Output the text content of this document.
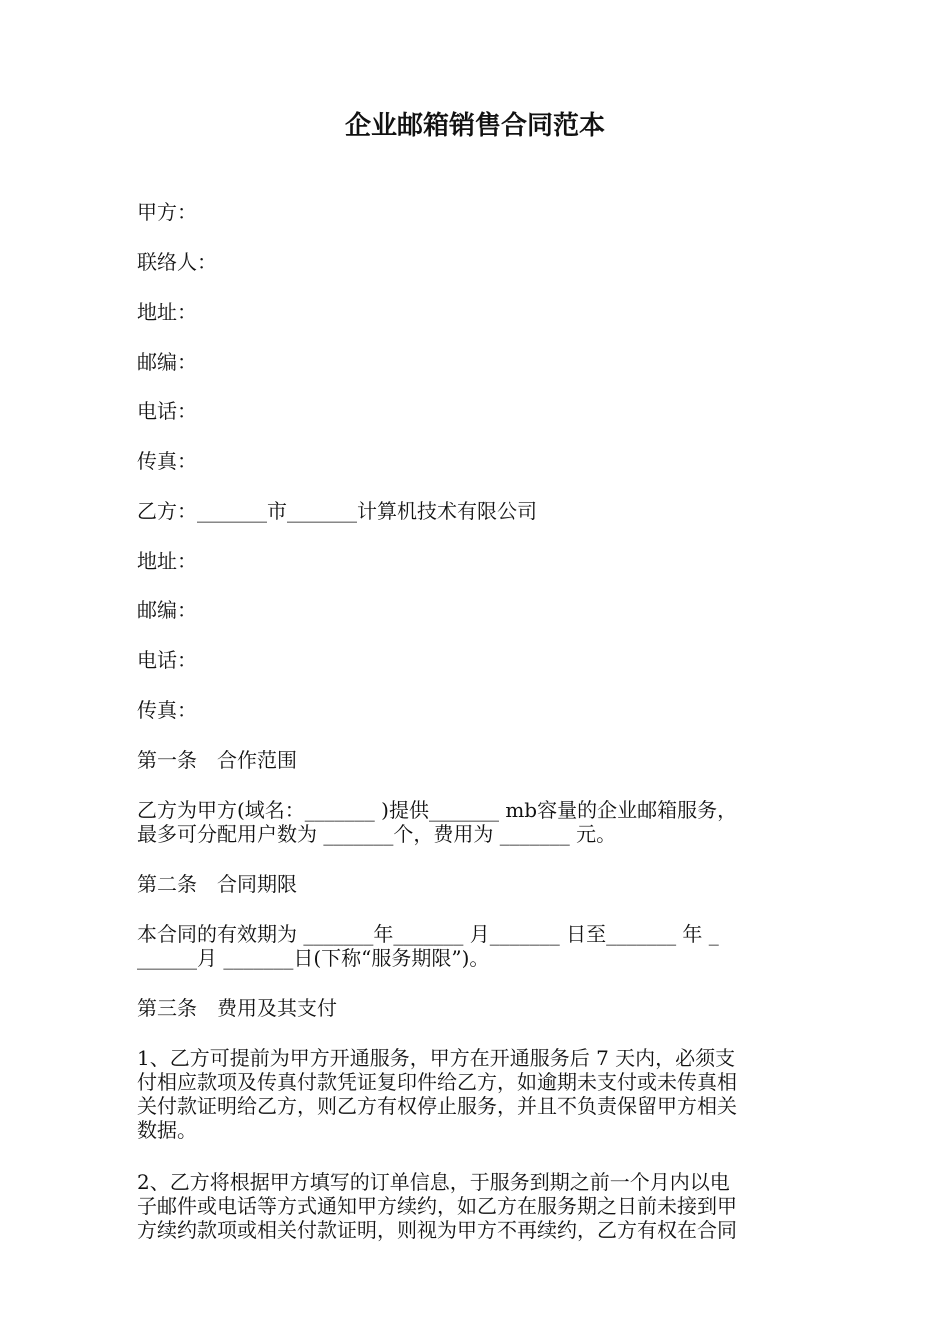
企业邮箱销售合同范本

甲方：

联络人：

地址：

邮编：

电话：

传真：

乙方：_______市_______计算机技术有限公司

地址：

邮编：

电话：

传真：

第一条　合作范围

乙方为甲方(域名：_______ )提供_______ mb容量的企业邮箱服务，
最多可分配用户数为 _______个，费用为 _______ 元。

第二条　合同期限

本合同的有效期为 _______年_______ 月_______ 日至_______ 年 _
______月 _______日(下称“服务期限”)。

第三条　费用及其支付

1、乙方可提前为甲方开通服务，甲方在开通服务后 7 天内，必须支
付相应款项及传真付款凭证复印件给乙方，如逾期未支付或未传真相
关付款证明给乙方，则乙方有权停止服务，并且不负责保留甲方相关
数据。
2、乙方将根据甲方填写的订单信息，于服务到期之前一个月内以电
子邮件或电话等方式通知甲方续约，如乙方在服务期之日前未接到甲
方续约款项或相关付款证明，则视为甲方不再续约，乙方有权在合同
